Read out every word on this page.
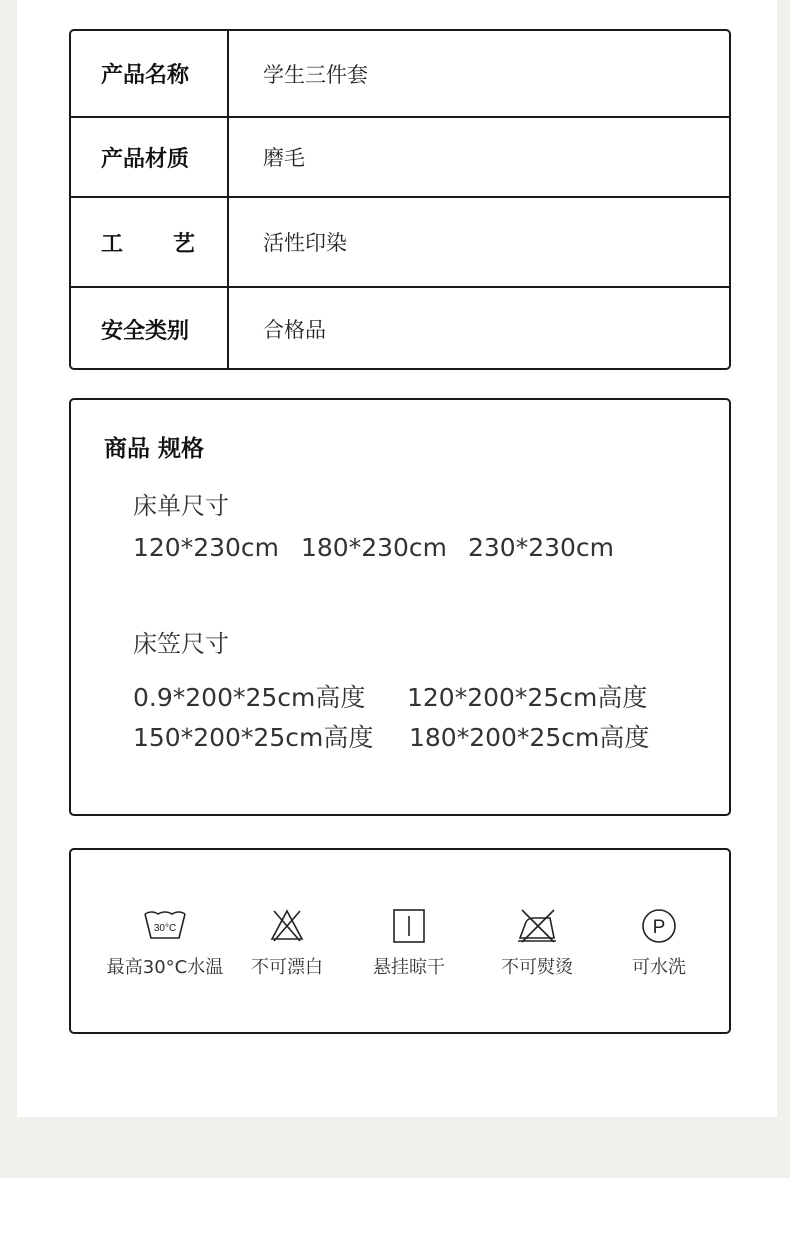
产品名称	学生三件套
产品材质	磨毛
工 艺	活性印染
安全类别	合格品
商品 规格
床单尺寸
120*230cm 180*230cm 230*230cm
床笠尺寸
0.9*200*25cm高度 120*200*25cm高度
150*200*25cm高度 180*200*25cm高度
30°C
最高30°C水温	不可漂白	悬挂晾干	不可熨烫
P
可水洗
